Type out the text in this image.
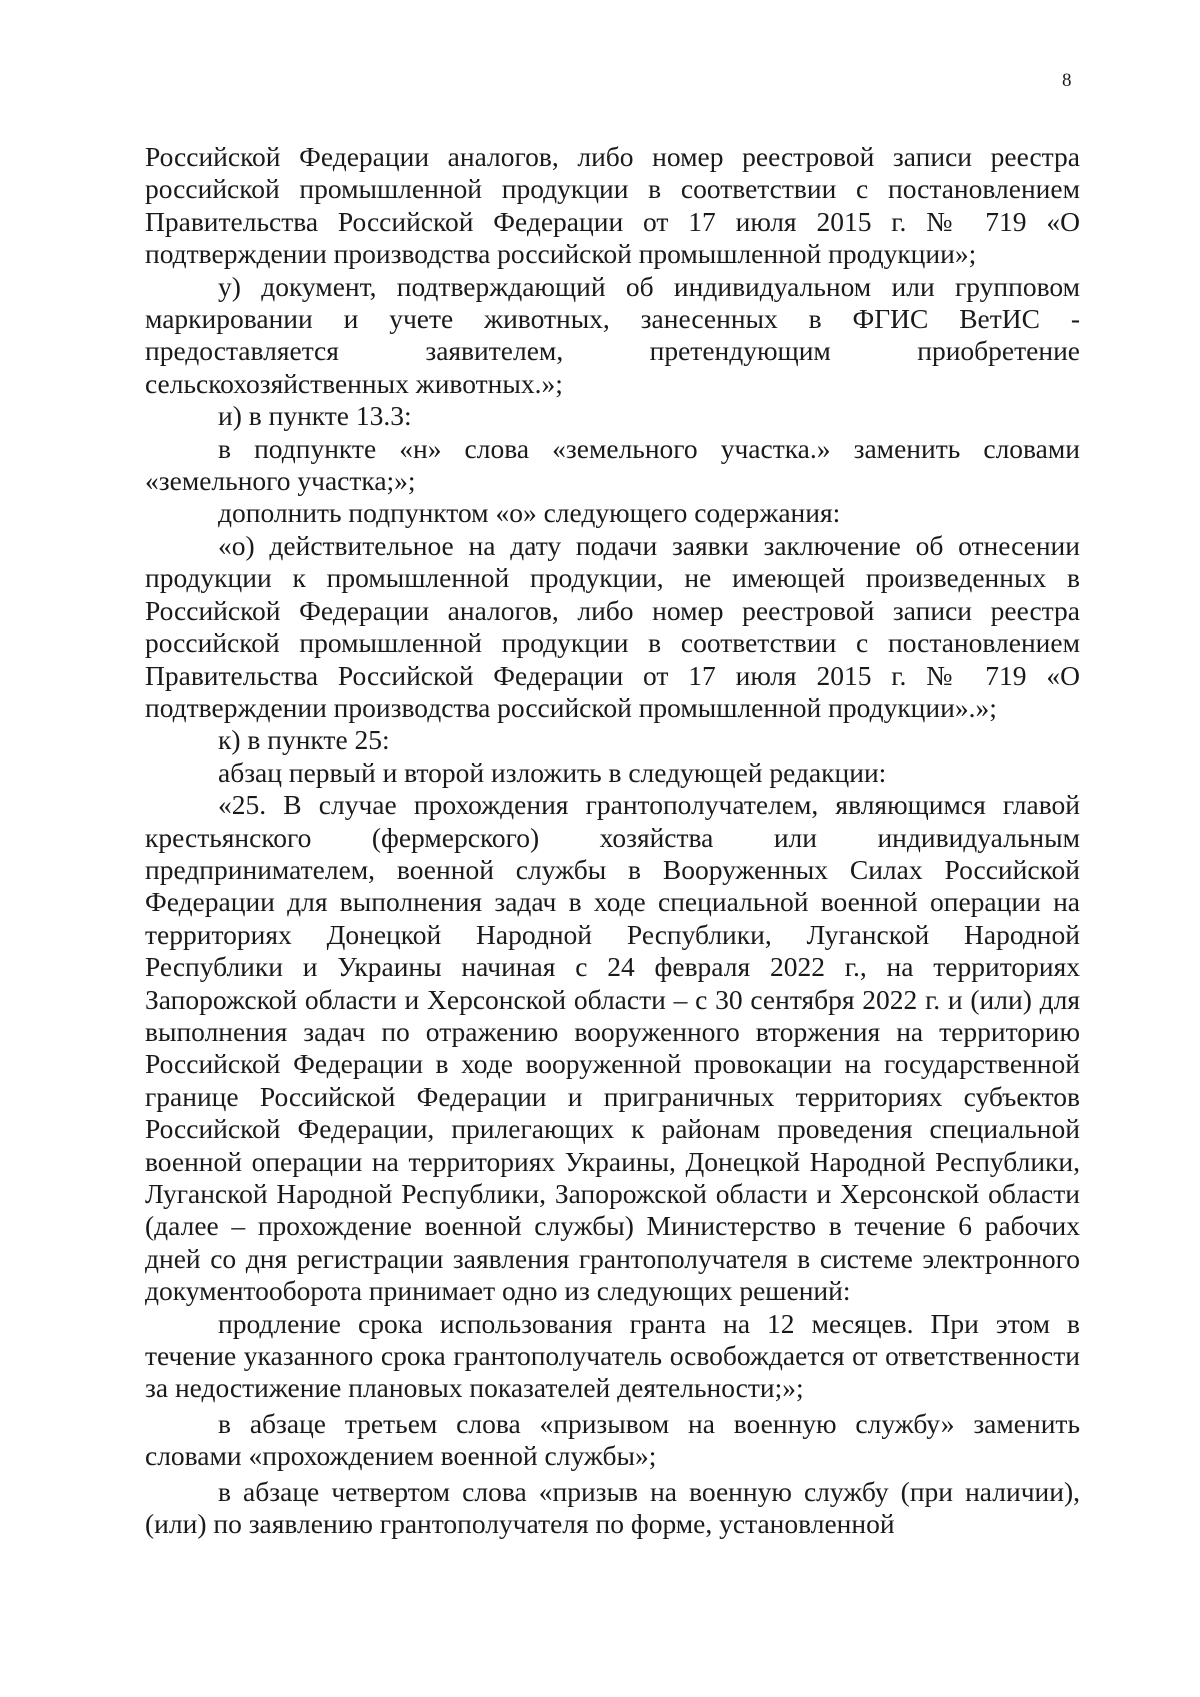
8

Российской Федерации аналогов, либо номер реестровой записи реестра российской промышленной продукции в соответствии с постановлением Правительства Российской Федерации от 17 июля 2015 г. № 719 «О подтверждении производства российской промышленной продукции»;

у) документ, подтверждающий об индивидуальном или групповом маркировании и учете животных, занесенных в ФГИС ВетИС - предоставляется заявителем, претендующим приобретение сельскохозяйственных животных.»;

и) в пункте 13.3:

в подпункте «н» слова «земельного участка.» заменить словами «земельного участка;»;

дополнить подпунктом «о» следующего содержания:

«о) действительное на дату подачи заявки заключение об отнесении продукции к промышленной продукции, не имеющей произведенных в Российской Федерации аналогов, либо номер реестровой записи реестра российской промышленной продукции в соответствии с постановлением Правительства Российской Федерации от 17 июля 2015 г. № 719 «О подтверждении производства российской промышленной продукции».»;

к) в пункте 25:

абзац первый и второй изложить в следующей редакции:

«25. В случае прохождения грантополучателем, являющимся главой крестьянского (фермерского) хозяйства или индивидуальным предпринимателем, военной службы в Вооруженных Силах Российской Федерации для выполнения задач в ходе специальной военной операции на территориях Донецкой Народной Республики, Луганской Народной Республики и Украины начиная с 24 февраля 2022 г., на территориях Запорожской области и Херсонской области – с 30 сентября 2022 г. и (или) для выполнения задач по отражению вооруженного вторжения на территорию Российской Федерации в ходе вооруженной провокации на государственной границе Российской Федерации и приграничных территориях субъектов Российской Федерации, прилегающих к районам проведения специальной военной операции на территориях Украины, Донецкой Народной Республики, Луганской Народной Республики, Запорожской области и Херсонской области (далее – прохождение военной службы) Министерство в течение 6 рабочих дней со дня регистрации заявления грантополучателя в системе электронного документооборота принимает одно из следующих решений:

продление срока использования гранта на 12 месяцев. При этом в течение указанного срока грантополучатель освобождается от ответственности за недостижение плановых показателей деятельности;»;

в абзаце третьем слова «призывом на военную службу» заменить словами «прохождением военной службы»;

в абзаце четвертом слова «призыв на военную службу (при наличии), (или) по заявлению грантополучателя по форме, установленной
